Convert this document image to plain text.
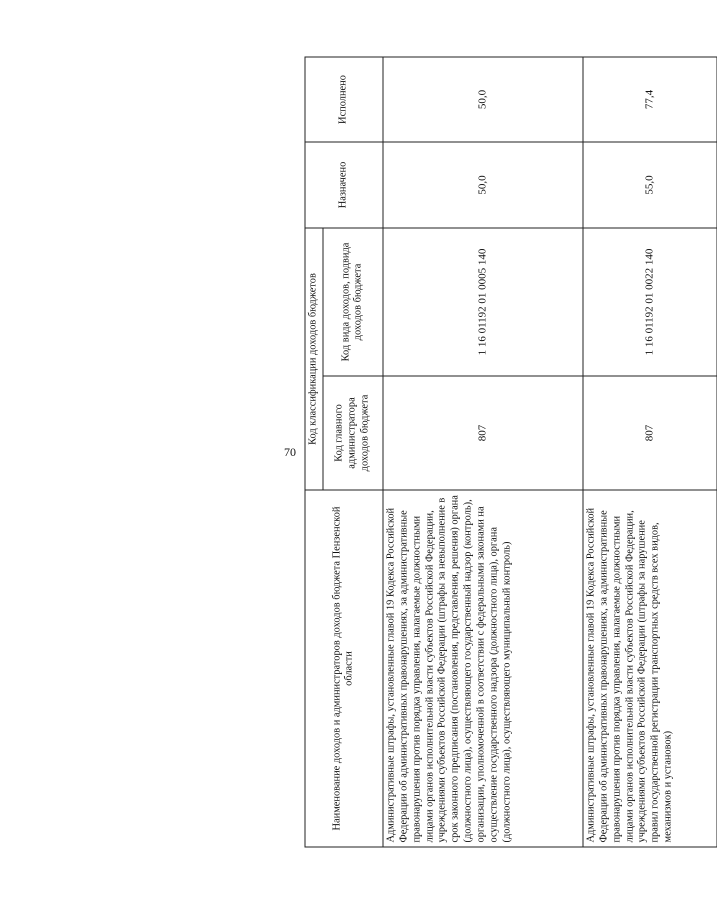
70
Наименование доходов и администраторов доходов бюджета Пензенской области	Код классификации доходов бюджетов		Назначено	Исполнено
	Код главного администратора доходов бюджета	Код вида доходов, подвида доходов бюджета		
Административные штрафы, установленные главой 19 Кодекса Российской Федерации об административных правонарушениях, за административные правонарушения против порядка управления, налагаемые должностными лицами органов исполнительной власти субъектов Российской Федерации, учреждениями субъектов Российской Федерации (штрафы за невыполнение в срок законного предписания (постановления, представления, решения) органа (должностного лица), осуществляющего государственный надзор (контроль), организации, уполномоченной в соответствии с федеральными законами на осуществление государственного надзора (должностного лица), органа (должностного лица), осуществляющего муниципальный контроль)	807	1 16 01192 01 0005 140	50,0	50,0
Административные штрафы, установленные главой 19 Кодекса Российской Федерации об административных правонарушениях, за административные правонарушения против порядка управления, налагаемые должностными лицами органов исполнительной власти субъектов Российской Федерации, учреждениями субъектов Российской Федерации (штрафы за нарушение правил государственной регистрации транспортных средств всех видов, механизмов и установок)	807	1 16 01192 01 0022 140	55,0	77,4
